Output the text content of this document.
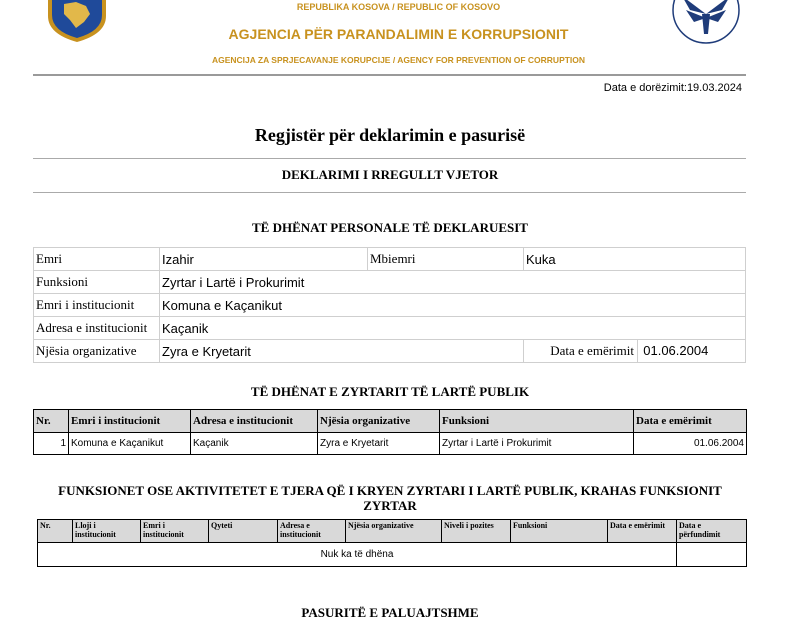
REPUBLIKA KOSOVA / REPUBLIC OF KOSOVO
AGJENCIA PËR PARANDALIMIN E KORRUPSIONIT
AGENCIJA ZA SPRJECAVANJE KORUPCIJE / AGENCY FOR PREVENTION OF CORRUPTION
Data e dorëzimit:19.03.2024
Regjistër për deklarimin e pasurisë
DEKLARIMI I RREGULLT VJETOR
TË DHËNAT PERSONALE TË DEKLARUESIT
Emri	Izahir	Mbiemri	Kuka
Funksioni	Zyrtar i Lartë i Prokurimit		
Emri i institucionit	Komuna e Kaçanikut		
Adresa e institucionit	Kaçanik		
Njësia organizative	Zyra e Kryetarit		Data e emërimit 01.06.2004
TË DHËNAT E ZYRTARIT TË LARTË PUBLIK
Nr.	Emri i institucionit	Adresa e institucionit	Njësia organizative	Funksioni	Data e emërimit
1	Komuna e Kaçanikut	Kaçanik	Zyra e Kryetarit	Zyrtar i Lartë i Prokurimit	01.06.2004
FUNKSIONET OSE AKTIVITETET E TJERA QË I KRYEN ZYRTARI I LARTË PUBLIK, KRAHAS FUNKSIONIT ZYRTAR
Nr.	Lloji i institucionit	Emri i institucionit	Qyteti	Adresa e institucionit	Njësia organizative	Niveli i pozites	Funksioni	Data e emërimit	Data e përfundimit
Nuk ka të dhëna									
PASURITË E PALUAJTSHME
